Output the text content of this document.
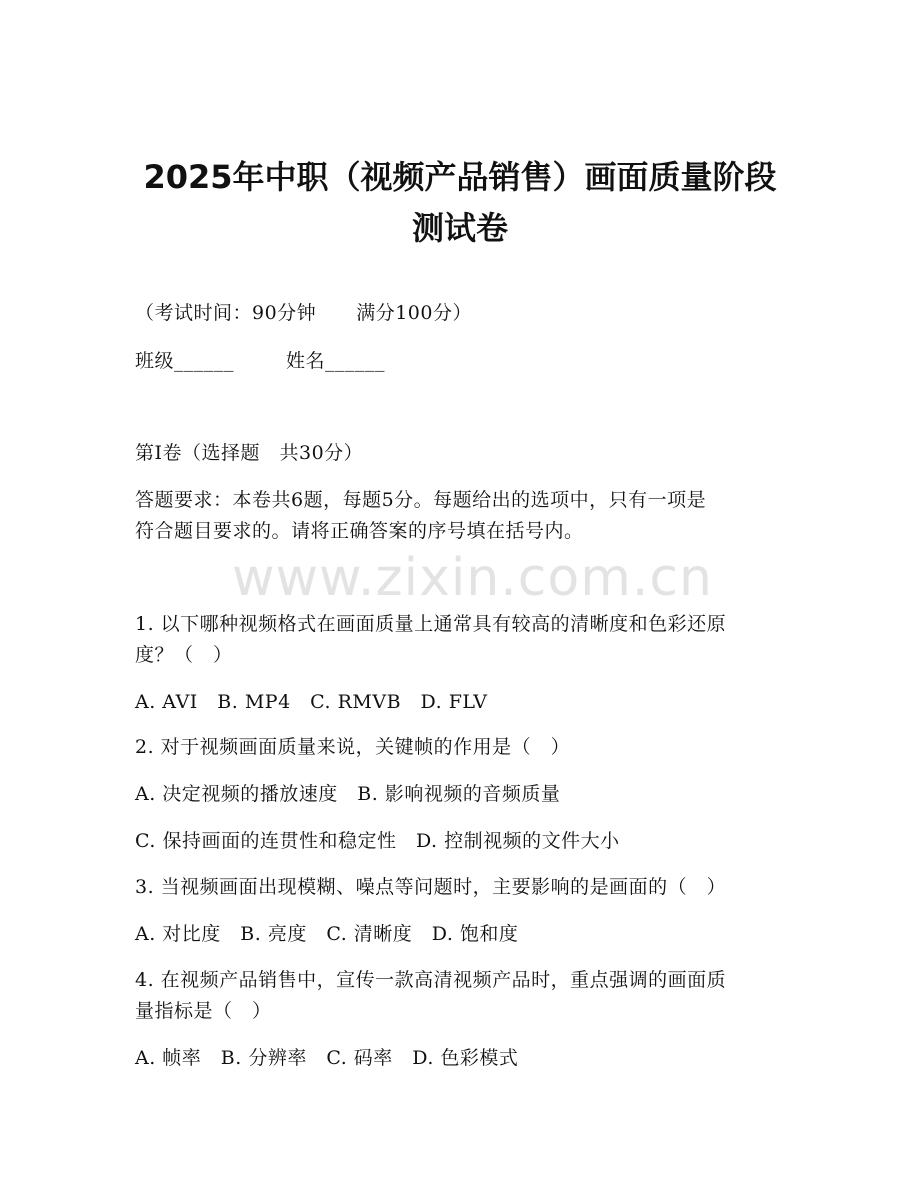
2025年中职（视频产品销售）画面质量阶段
测试卷
（考试时间：90分钟 满分100分）
班级______	姓名______
第I卷（选择题　共30分）
答题要求：本卷共6题，每题5分。每题给出的选项中，只有一项是
符合题目要求的。请将正确答案的序号填在括号内。
www.zixin.com.cn
1. 以下哪种视频格式在画面质量上通常具有较高的清晰度和色彩还原
度？（　）
A. AVI　B. MP4　C. RMVB　D. FLV
2. 对于视频画面质量来说，关键帧的作用是（　）
A. 决定视频的播放速度　B. 影响视频的音频质量
C. 保持画面的连贯性和稳定性　D. 控制视频的文件大小
3. 当视频画面出现模糊、噪点等问题时，主要影响的是画面的（　）
A. 对比度　B. 亮度　C. 清晰度　D. 饱和度
4. 在视频产品销售中，宣传一款高清视频产品时，重点强调的画面质
量指标是（　）
A. 帧率　B. 分辨率　C. 码率　D. 色彩模式
